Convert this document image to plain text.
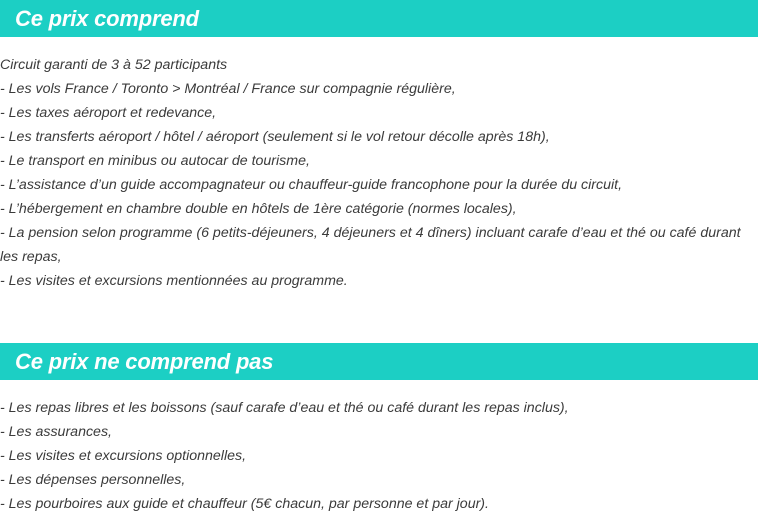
Ce prix comprend

Circuit garanti de 3 à 52 participants

- Les vols France / Toronto > Montréal / France sur compagnie régulière,

- Les taxes aéroport et redevance,

- Les transferts aéroport / hôtel / aéroport (seulement si le vol retour décolle après 18h),

- Le transport en minibus ou autocar de tourisme,

- L’assistance d’un guide accompagnateur ou chauffeur-guide francophone pour la durée du circuit,

- L’hébergement en chambre double en hôtels de 1ère catégorie (normes locales),

- La pension selon programme (6 petits-déjeuners, 4 déjeuners et 4 dîners) incluant carafe d’eau et thé ou café durant les repas,

- Les visites et excursions mentionnées au programme.

Ce prix ne comprend pas

- Les repas libres et les boissons (sauf carafe d’eau et thé ou café durant les repas inclus),

- Les assurances,

- Les visites et excursions optionnelles,

- Les dépenses personnelles,

- Les pourboires aux guide et chauffeur (5€ chacun, par personne et par jour).
